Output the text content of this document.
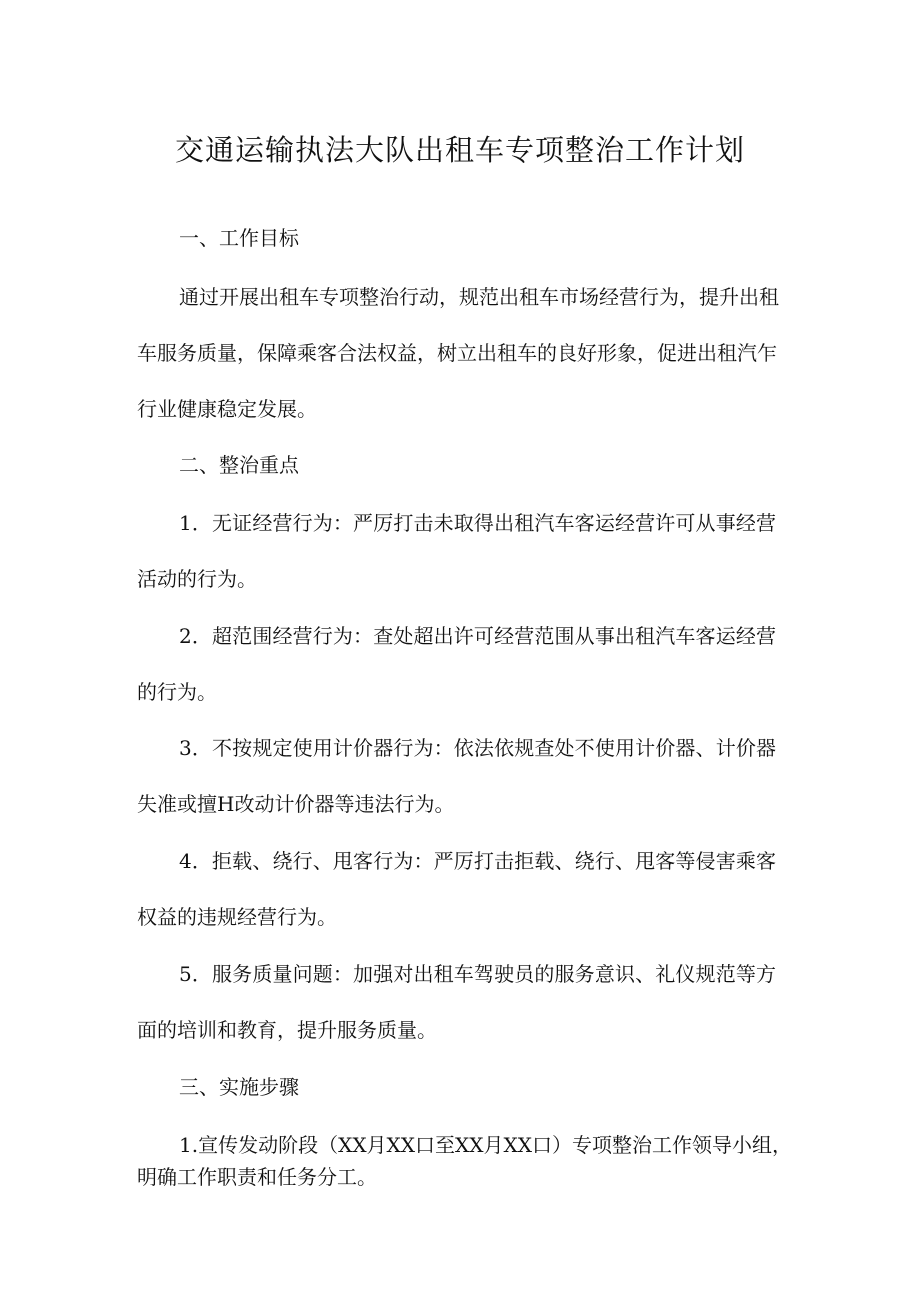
交通运输执法大队出租车专项整治工作计划

一、工作目标

通过开展出租车专项整治行动，规范出租车市场经营行为，提升出租

车服务质量，保障乘客合法权益，树立出租车的良好形象，促进出租汽乍

行业健康稳定发展。

二、整治重点

1．无证经营行为：严厉打击未取得出租汽车客运经营许可从事经营

活动的行为。

2．超范围经营行为：查处超出许可经营范围从事出租汽车客运经营

的行为。

3．不按规定使用计价器行为：依法依规查处不使用计价器、计价器

失准或擅H改动计价器等违法行为。

4．拒载、绕行、甩客行为：严厉打击拒载、绕行、甩客等侵害乘客

权益的违规经营行为。

5．服务质量问题：加强对出租车驾驶员的服务意识、礼仪规范等方

面的培训和教育，提升服务质量。

三、实施步骤

1.宣传发动阶段（XX月XX口至XX月XX口）专项整治工作领导小组，

明确工作职责和任务分工。
